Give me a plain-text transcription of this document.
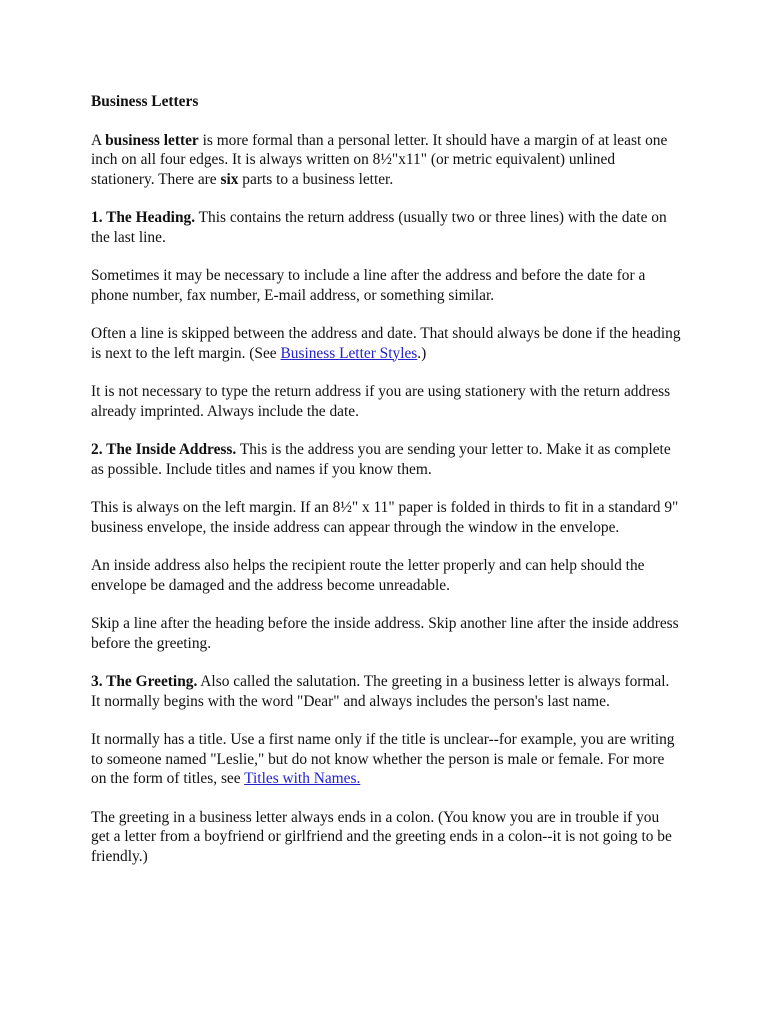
Business Letters

A business letter is more formal than a personal letter. It should have a margin of at least one inch on all four edges. It is always written on 8½"x11" (or metric equivalent) unlined stationery. There are six parts to a business letter.

1. The Heading. This contains the return address (usually two or three lines) with the date on the last line.

Sometimes it may be necessary to include a line after the address and before the date for a phone number, fax number, E-mail address, or something similar.

Often a line is skipped between the address and date. That should always be done if the heading is next to the left margin. (See Business Letter Styles.)

It is not necessary to type the return address if you are using stationery with the return address already imprinted. Always include the date.

2. The Inside Address. This is the address you are sending your letter to. Make it as complete as possible. Include titles and names if you know them.

This is always on the left margin. If an 8½" x 11" paper is folded in thirds to fit in a standard 9" business envelope, the inside address can appear through the window in the envelope.

An inside address also helps the recipient route the letter properly and can help should the envelope be damaged and the address become unreadable.

Skip a line after the heading before the inside address. Skip another line after the inside address before the greeting.

3. The Greeting. Also called the salutation. The greeting in a business letter is always formal. It normally begins with the word "Dear" and always includes the person's last name.

It normally has a title. Use a first name only if the title is unclear--for example, you are writing to someone named "Leslie," but do not know whether the person is male or female. For more on the form of titles, see Titles with Names.

The greeting in a business letter always ends in a colon. (You know you are in trouble if you get a letter from a boyfriend or girlfriend and the greeting ends in a colon--it is not going to be friendly.)
